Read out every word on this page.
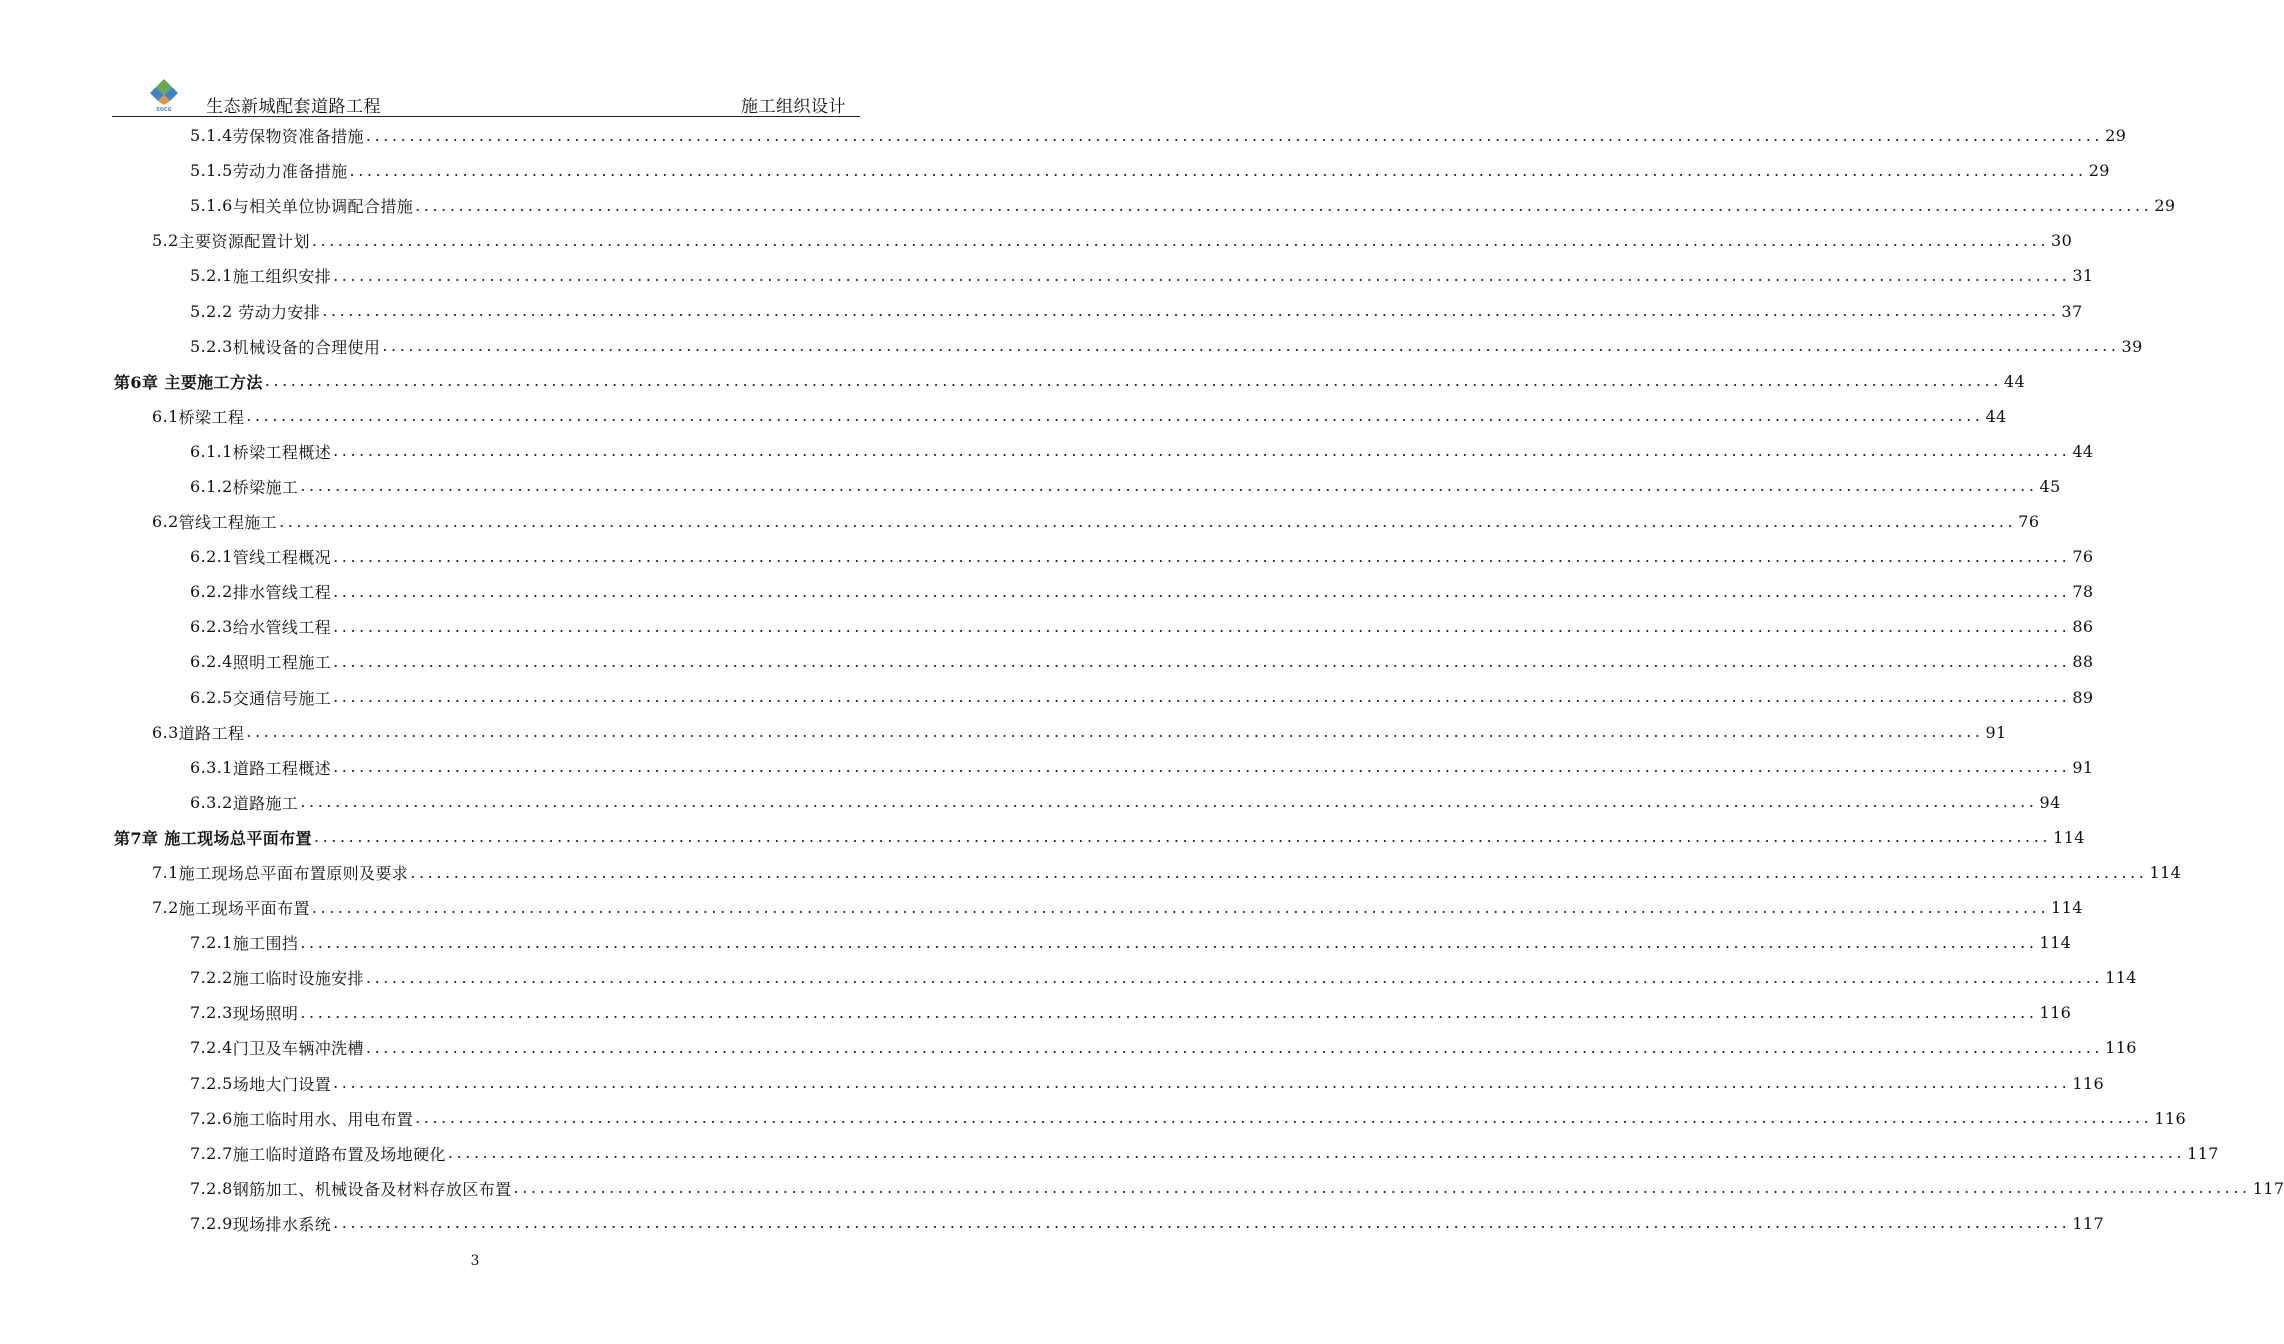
SUCG 生态新城配套道路工程	施工组织设计
5.1.4 劳保物资准备措施 ........................................................................................................................................................................................................ 29
5.1.5 劳动力准备措施 ........................................................................................................................................................................................................ 29
5.1.6 与相关单位协调配合措施 ........................................................................................................................................................................................................ 29
5.2 主要资源配置计划 ........................................................................................................................................................................................................ 30
5.2.1 施工组织安排 ........................................................................................................................................................................................................ 31
5.2.2 劳动力安排 ........................................................................................................................................................................................................ 37
5.2.3 机械设备的合理使用 ........................................................................................................................................................................................................ 39
第6章 主要施工方法 ........................................................................................................................................................................................................ 44
6.1 桥梁工程 ........................................................................................................................................................................................................ 44
6.1.1 桥梁工程概述 ........................................................................................................................................................................................................ 44
6.1.2 桥梁施工 ........................................................................................................................................................................................................ 45
6.2 管线工程施工 ........................................................................................................................................................................................................ 76
6.2.1 管线工程概况 ........................................................................................................................................................................................................ 76
6.2.2 排水管线工程 ........................................................................................................................................................................................................ 78
6.2.3 给水管线工程 ........................................................................................................................................................................................................ 86
6.2.4 照明工程施工 ........................................................................................................................................................................................................ 88
6.2.5 交通信号施工 ........................................................................................................................................................................................................ 89
6.3 道路工程 ........................................................................................................................................................................................................ 91
6.3.1 道路工程概述 ........................................................................................................................................................................................................ 91
6.3.2 道路施工 ........................................................................................................................................................................................................ 94
第7章 施工现场总平面布置 ........................................................................................................................................................................................................ 114
7.1 施工现场总平面布置原则及要求 ........................................................................................................................................................................................................ 114
7.2 施工现场平面布置 ........................................................................................................................................................................................................ 114
7.2.1 施工围挡 ........................................................................................................................................................................................................ 114
7.2.2 施工临时设施安排 ........................................................................................................................................................................................................ 114
7.2.3 现场照明 ........................................................................................................................................................................................................ 116
7.2.4 门卫及车辆冲洗槽 ........................................................................................................................................................................................................ 116
7.2.5 场地大门设置 ........................................................................................................................................................................................................ 116
7.2.6 施工临时用水、用电布置 ........................................................................................................................................................................................................ 116
7.2.7 施工临时道路布置及场地硬化 ........................................................................................................................................................................................................ 117
7.2.8 钢筋加工、机械设备及材料存放区布置 ........................................................................................................................................................................................................ 117
7.2.9 现场排水系统 ........................................................................................................................................................................................................ 117
3
